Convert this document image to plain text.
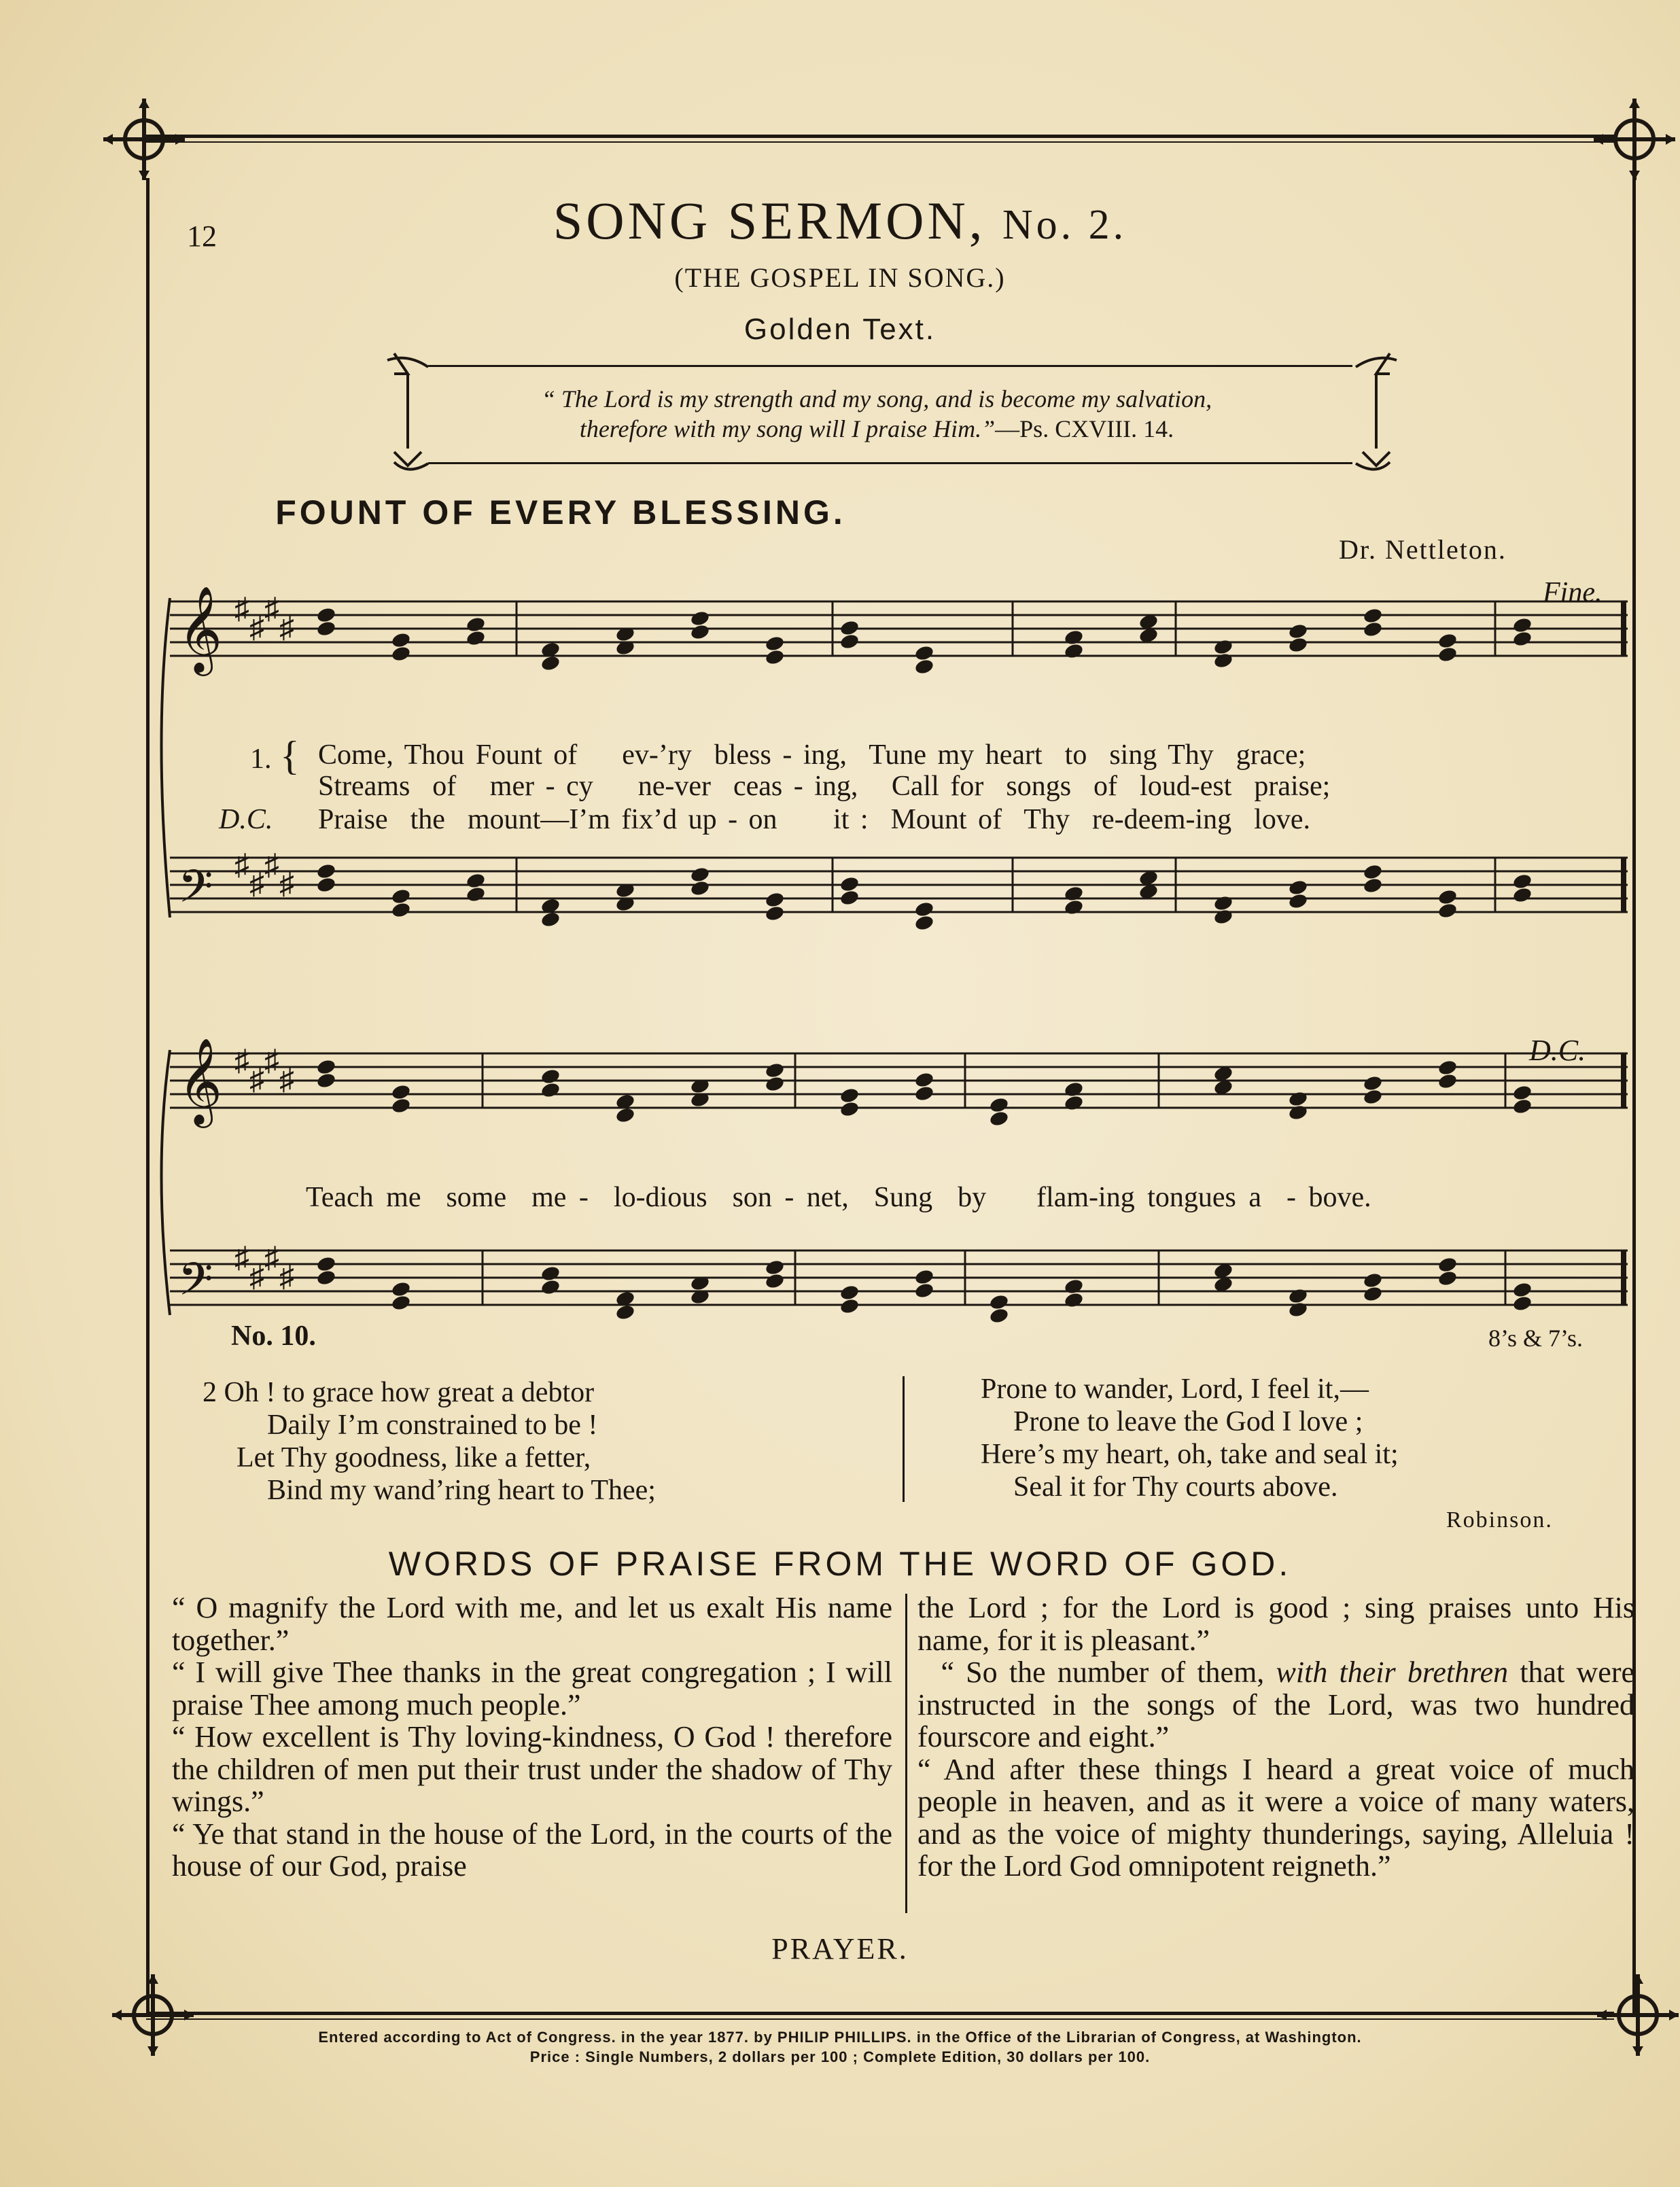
12	SONG SERMON, No. 2.
(THE GOSPEL IN SONG.)
Golden Text.
“ The Lord is my strength and my song, and is become my salvation,
therefore with my song will I praise Him.”—Ps. CXVIII. 14.
FOUNT OF EVERY BLESSING.
Dr. Nettleton.
Fine.
D.C.
𝄞 ♯
♯
♯
♯
𝄢 ♯
♯
♯
♯
𝄞 ♯
♯
♯
♯
𝄢 ♯
♯
♯
♯
1. { Come, Thou Fount of    ev-’ry  bless - ing,  Tune my heart  to  sing Thy  grace;
Streams  of   mer - cy    ne-ver  ceas - ing,   Call for  songs  of  loud-est  praise;
D.C. Praise  the  mount—I’m fix’d up - on     it :  Mount of  Thy  re-deem-ing  love.
Teach me  some  me -  lo-dious  son - net,  Sung  by    flam-ing tongues a  - bove.
No. 10.	8’s & 7’s.
2 Oh ! to grace how great a debtor
Daily I’m constrained to be !
Let Thy goodness, like a fetter,
Bind my wand’ring heart to Thee;
Prone to wander, Lord, I feel it,—
Prone to leave the God I love ;
Here’s my heart, oh, take and seal it;
Seal it for Thy courts above.
Robinson.
WORDS OF PRAISE FROM THE WORD OF GOD.

“ O magnify the Lord with me, and let us exalt His name together.”

“ I will give Thee thanks in the great congregation ; I will praise Thee among much people.”

“ How excellent is Thy loving-kindness, O God ! therefore the children of men put their trust under the shadow of Thy wings.”

“ Ye that stand in the house of the Lord, in the courts of the house of our God, praise

the Lord ; for the Lord is good ; sing praises unto His name, for it is pleasant.”

“ So the number of them, with their brethren that were instructed in the songs of the Lord, was two hundred fourscore and eight.”

“ And after these things I heard a great voice of much people in heaven, and as it were a voice of many waters, and as the voice of mighty thunderings, saying, Alleluia ! for the Lord God omnipotent reigneth.”

PRAYER.
Entered according to Act of Congress. in the year 1877. by PHILIP PHILLIPS. in the Office of the Librarian of Congress, at Washington.
Price : Single Numbers, 2 dollars per 100 ; Complete Edition, 30 dollars per 100.
